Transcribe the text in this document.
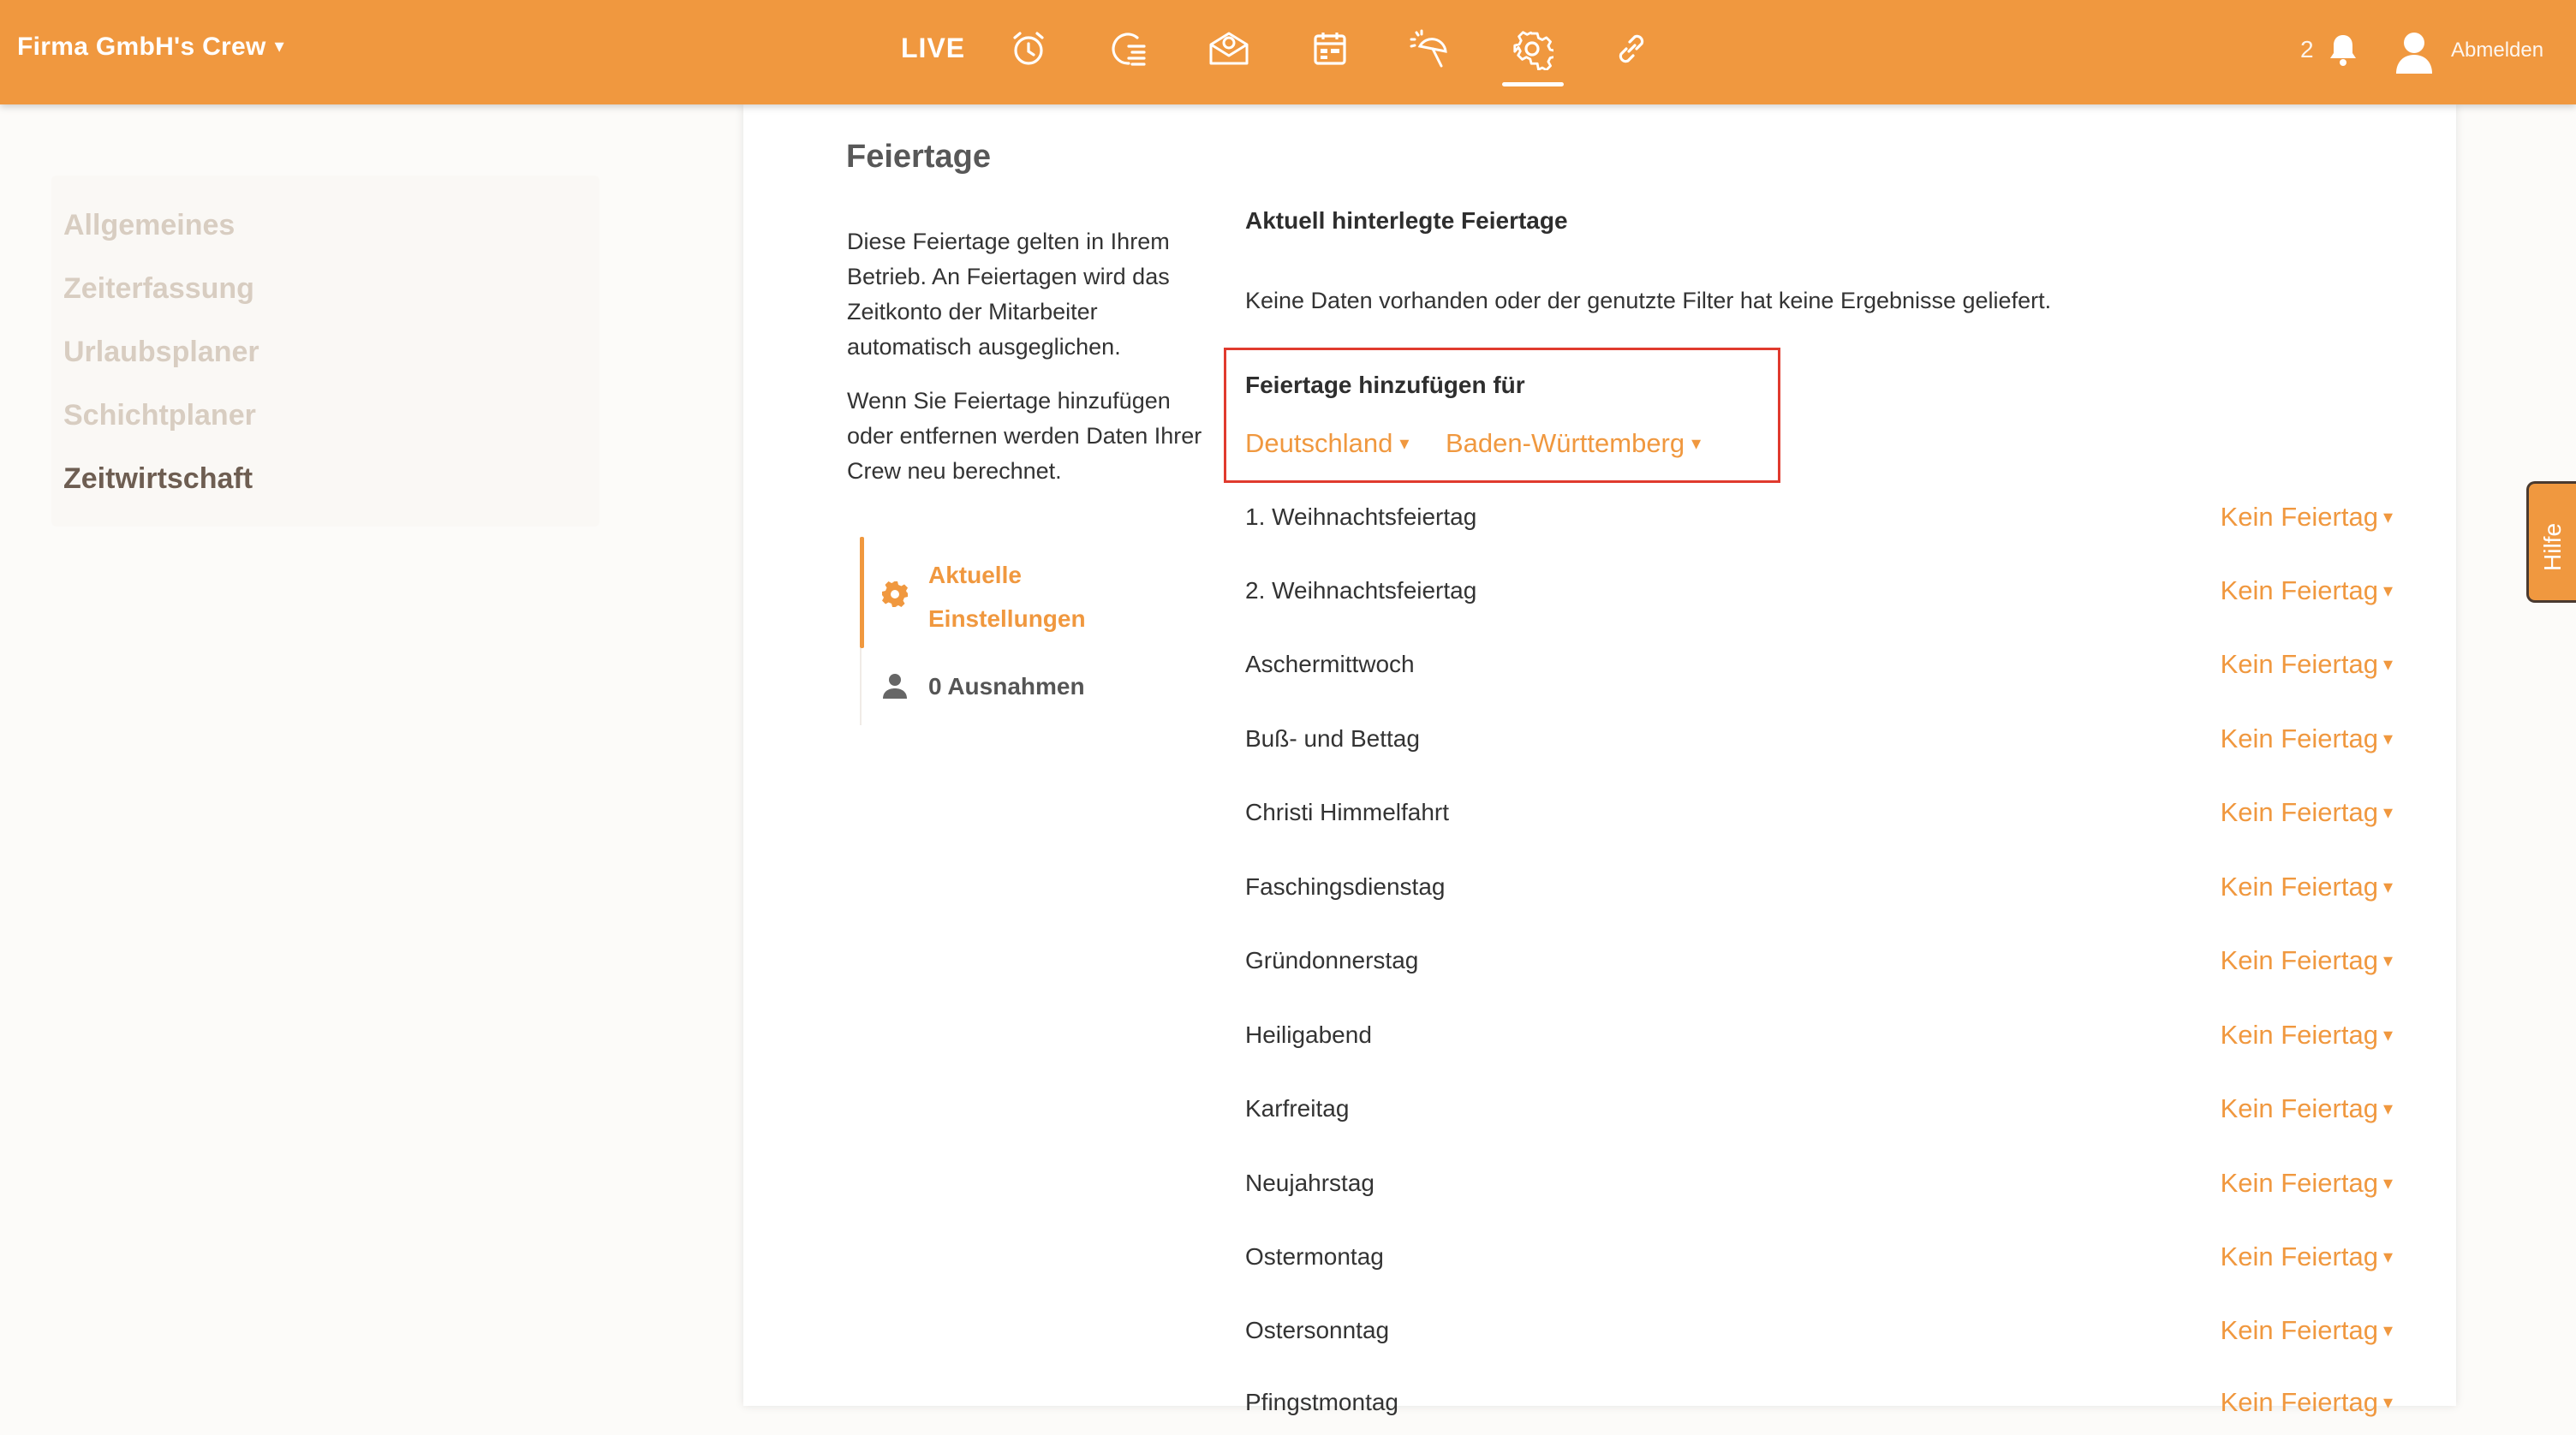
Firma GmbH's Crew ▾	LIVE	2	Abmelden
Allgemeines
Zeiterfassung
Urlaubsplaner
Schichtplaner
Zeitwirtschaft
Feiertage
Diese Feiertage gelten in Ihrem Betrieb. An Feiertagen wird das Zeitkonto der Mitarbeiter automatisch ausgeglichen.
Wenn Sie Feiertage hinzufügen oder entfernen werden Daten Ihrer Crew neu berechnet.
Aktuelle
Einstellungen
0 Ausnahmen
Aktuell hinterlegte Feiertage
Keine Daten vorhanden oder der genutzte Filter hat keine Ergebnisse geliefert.
Feiertage hinzufügen für
Deutschland ▾ Baden-Württemberg ▾
1. Weihnachtsfeiertag	Kein Feiertag ▾
2. Weihnachtsfeiertag	Kein Feiertag ▾
Aschermittwoch	Kein Feiertag ▾
Buß- und Bettag	Kein Feiertag ▾
Christi Himmelfahrt	Kein Feiertag ▾
Faschingsdienstag	Kein Feiertag ▾
Gründonnerstag	Kein Feiertag ▾
Heiligabend	Kein Feiertag ▾
Karfreitag	Kein Feiertag ▾
Neujahrstag	Kein Feiertag ▾
Ostermontag	Kein Feiertag ▾
Ostersonntag	Kein Feiertag ▾
Pfingstmontag	Kein Feiertag ▾
Hilfe
